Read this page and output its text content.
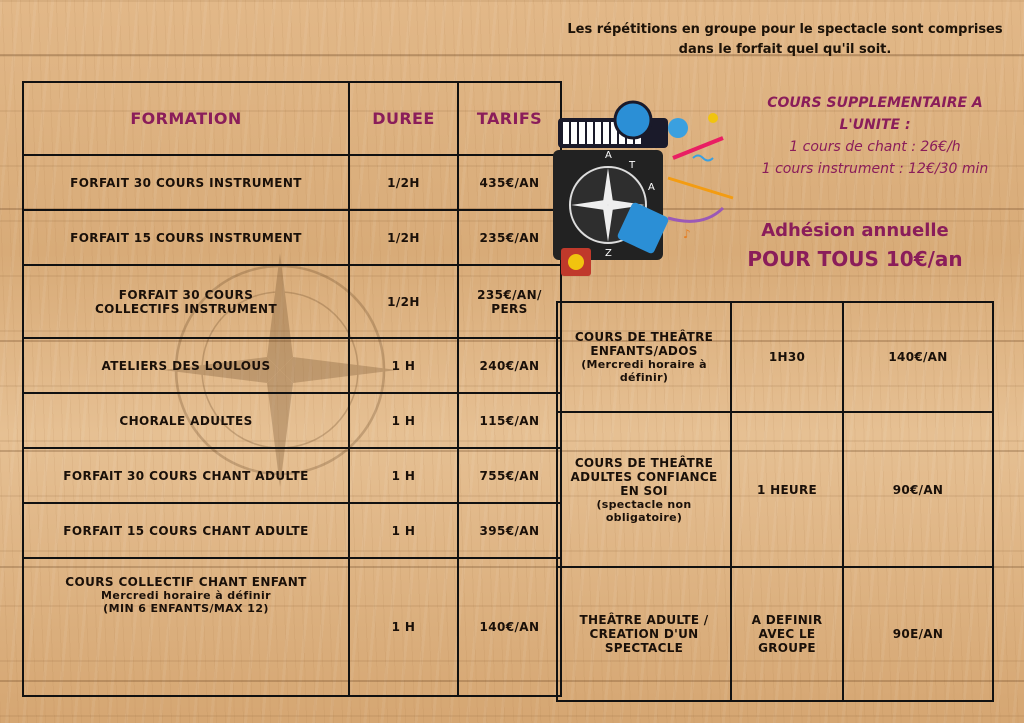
Les répétitions en groupe pour le spectacle sont comprises
dans le forfait quel qu'il soit.
FORMATION	DUREE	TARIFS
FORFAIT 30 COURS INSTRUMENT	1/2H	435€/AN
FORFAIT 15 COURS INSTRUMENT	1/2H	235€/AN
FORFAIT 30 COURS COLLECTIFS INSTRUMENT	1/2H	235€/AN/ PERS
ATELIERS DES LOULOUS	1 H	240€/AN
CHORALE ADULTES	1 H	115€/AN
FORFAIT 30 COURS CHANT ADULTE	1 H	755€/AN
FORFAIT 15 COURS CHANT ADULTE	1 H	395€/AN

COURS COLLECTIF CHANT ENFANT
Mercredi horaire à définir
(MIN 6 ENFANTS/MAX 12)	1 H	140€/AN
A
T
A
Z
♪
COURS SUPPLEMENTAIRE A
L'UNITE :
1 cours de chant : 26€/h
1 cours instrument : 12€/30 min
Adhésion annuelle
POUR TOUS 10€/an
COURS DE THEÂTRE ENFANTS/ADOS
(Mercredi horaire à définir)	1H30	140€/AN

COURS DE THEÂTRE ADULTES CONFIANCE EN SOI
(spectacle non obligatoire)	1 HEURE	90€/AN

THEÂTRE ADULTE / CREATION D'UN SPECTACLE	A DEFINIR AVEC LE GROUPE	90E/AN
